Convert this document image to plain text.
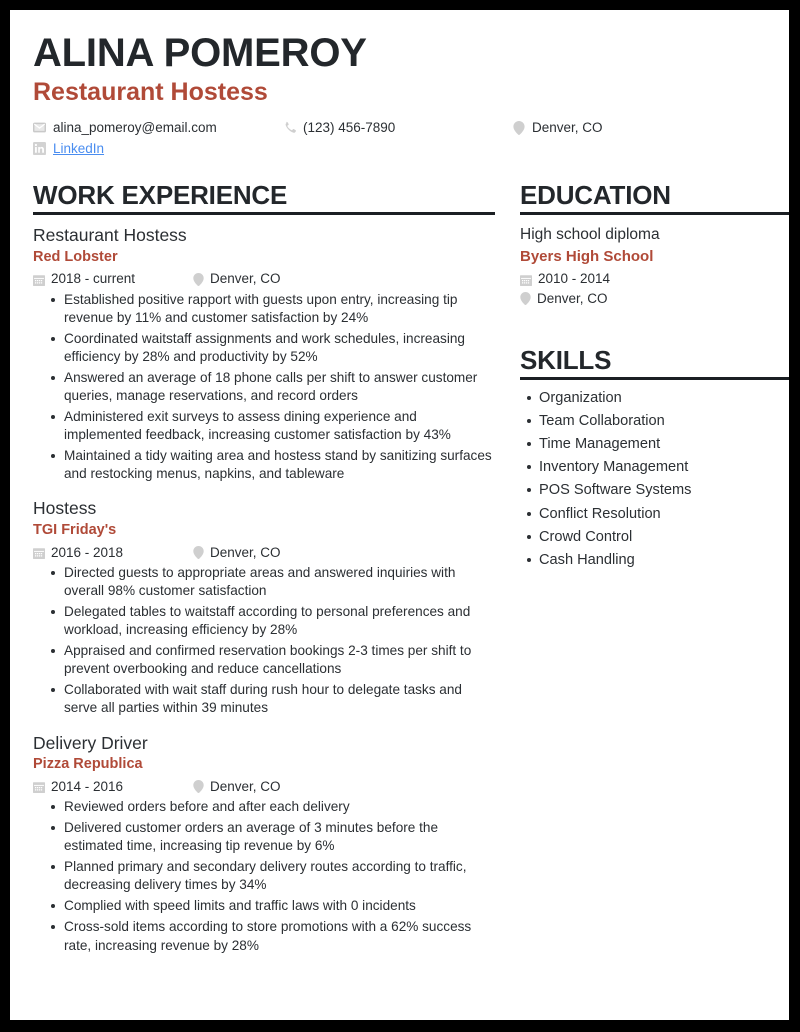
ALINA POMEROY
Restaurant Hostess
alina_pomeroy@email.com	(123) 456-7890	Denver, CO
LinkedIn
WORK EXPERIENCE
Restaurant Hostess
Red Lobster
2018 - current	Denver, CO
Established positive rapport with guests upon entry, increasing tip revenue by 11% and customer satisfaction by 24%
Coordinated waitstaff assignments and work schedules, increasing efficiency by 28% and productivity by 52%
Answered an average of 18 phone calls per shift to answer customer queries, manage reservations, and record orders
Administered exit surveys to assess dining experience and implemented feedback, increasing customer satisfaction by 43%
Maintained a tidy waiting area and hostess stand by sanitizing surfaces and restocking menus, napkins, and tableware
Hostess
TGI Friday's
2016 - 2018	Denver, CO
Directed guests to appropriate areas and answered inquiries with overall 98% customer satisfaction
Delegated tables to waitstaff according to personal preferences and workload, increasing efficiency by 28%
Appraised and confirmed reservation bookings 2-3 times per shift to prevent overbooking and reduce cancellations
Collaborated with wait staff during rush hour to delegate tasks and serve all parties within 39 minutes
Delivery Driver
Pizza Republica
2014 - 2016	Denver, CO
Reviewed orders before and after each delivery
Delivered customer orders an average of 3 minutes before the estimated time, increasing tip revenue by 6%
Planned primary and secondary delivery routes according to traffic, decreasing delivery times by 34%
Complied with speed limits and traffic laws with 0 incidents
Cross-sold items according to store promotions with a 62% success rate, increasing revenue by 28%
EDUCATION
High school diploma
Byers High School
2010 - 2014
Denver, CO
SKILLS
Organization
Team Collaboration
Time Management
Inventory Management
POS Software Systems
Conflict Resolution
Crowd Control
Cash Handling
